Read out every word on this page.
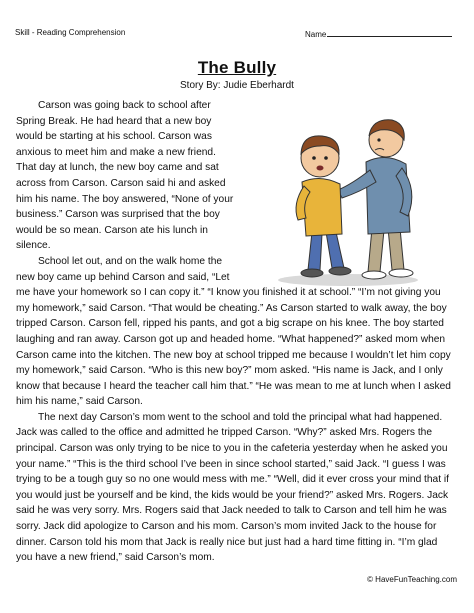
Skill - Reading Comprehension	Name
The Bully
Story By: Judie Eberhardt
Carson was going back to school after
Spring Break. He had heard that a new boy
would be starting at his school. Carson was
anxious to meet him and make a new friend.
That day at lunch, the new boy came and sat
across from Carson. Carson said hi and asked
him his name. The boy answered, “None of your
business.” Carson was surprised that the boy
would be so mean. Carson ate his lunch in
silence.
School let out, and on the walk home the
new boy came up behind Carson and said, “Let
me have your homework so I can copy it.” “I know you finished it at school.” “I’m not giving you my homework,” said Carson. “That would be cheating.” As Carson started to walk away, the boy tripped Carson. Carson fell, ripped his pants, and got a big scrape on his knee. The boy started laughing and ran away. Carson got up and headed home. “What happened?” asked mom when Carson came into the kitchen. The new boy at school tripped me because I wouldn’t let him copy my homework,” said Carson. “Who is this new boy?” mom asked. “His name is Jack, and I only know that because I heard the teacher call him that.” “He was mean to me at lunch when I asked him his name,” said Carson.

The next day Carson’s mom went to the school and told the principal what had happened. Jack was called to the office and admitted he tripped Carson. “Why?” asked Mrs. Rogers the principal. Carson was only trying to be nice to you in the cafeteria yesterday when he asked you your name.” “This is the third school I’ve been in since school started,” said Jack. “I guess I was trying to be a tough guy so no one would mess with me.” “Well, did it ever cross your mind that if you would just be yourself and be kind, the kids would be your friend?” asked Mrs. Rogers. Jack said he was very sorry. Mrs. Rogers said that Jack needed to talk to Carson and tell him he was sorry. Jack did apologize to Carson and his mom. Carson’s mom invited Jack to the house for dinner. Carson told his mom that Jack is really nice but just had a hard time fitting in. “I’m glad you have a new friend,” said Carson’s mom.

© HaveFunTeaching.com
